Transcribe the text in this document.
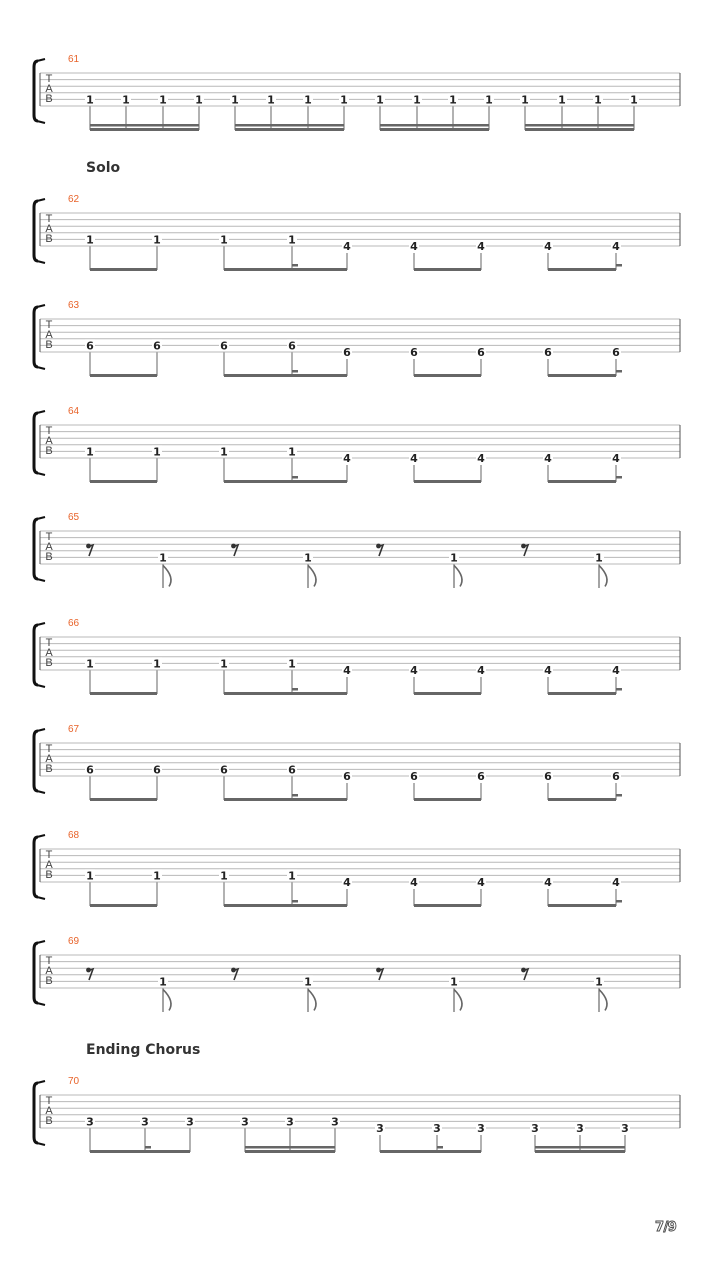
T
A
B
61
1	1	1	1	1	1	1	1	1	1	1	1	1	1	1	1
T
A
B
62
1	1	1	1
4	4	4	4	4
T
A
B
63
6	6	6	6
6	6	6	6	6
T
A
B
64
1	1	1	1
4	4	4	4	4
T
A
B
65
1	1	1	1
T
A
B
66
1	1	1	1
4	4	4	4	4
T
A
B
67
6	6	6	6
6	6	6	6	6
T
A
B
68
1	1	1	1
4	4	4	4	4
T
A
B
69
1	1	1	1
T
A
B
70
3	3	3	3	3	3
3	3	3	3	3	3
Solo
Ending Chorus
7/9
